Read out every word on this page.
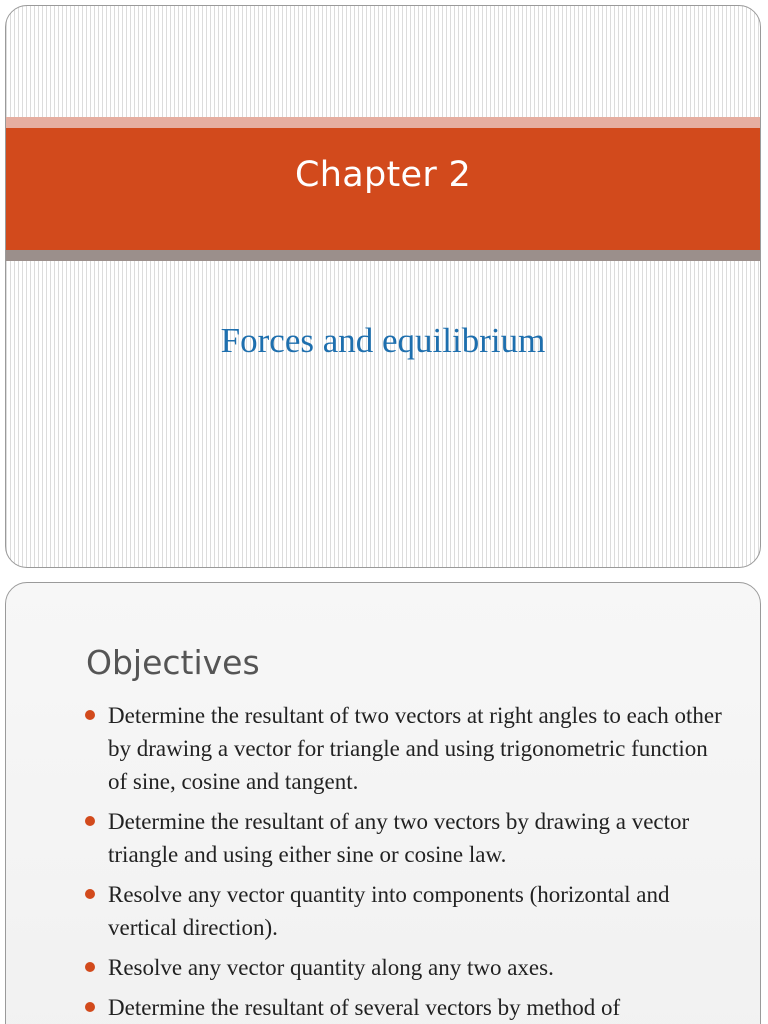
Chapter 2
Forces and equilibrium
Objectives
Determine the resultant of two vectors at right angles to each other by drawing a vector for triangle and using trigonometric function of sine, cosine and tangent.
Determine the resultant of any two vectors by drawing a vector triangle and using either sine or cosine law.
Resolve any vector quantity into components (horizontal and vertical direction).
Resolve any vector quantity along any two axes.
Determine the resultant of several vectors by method of
